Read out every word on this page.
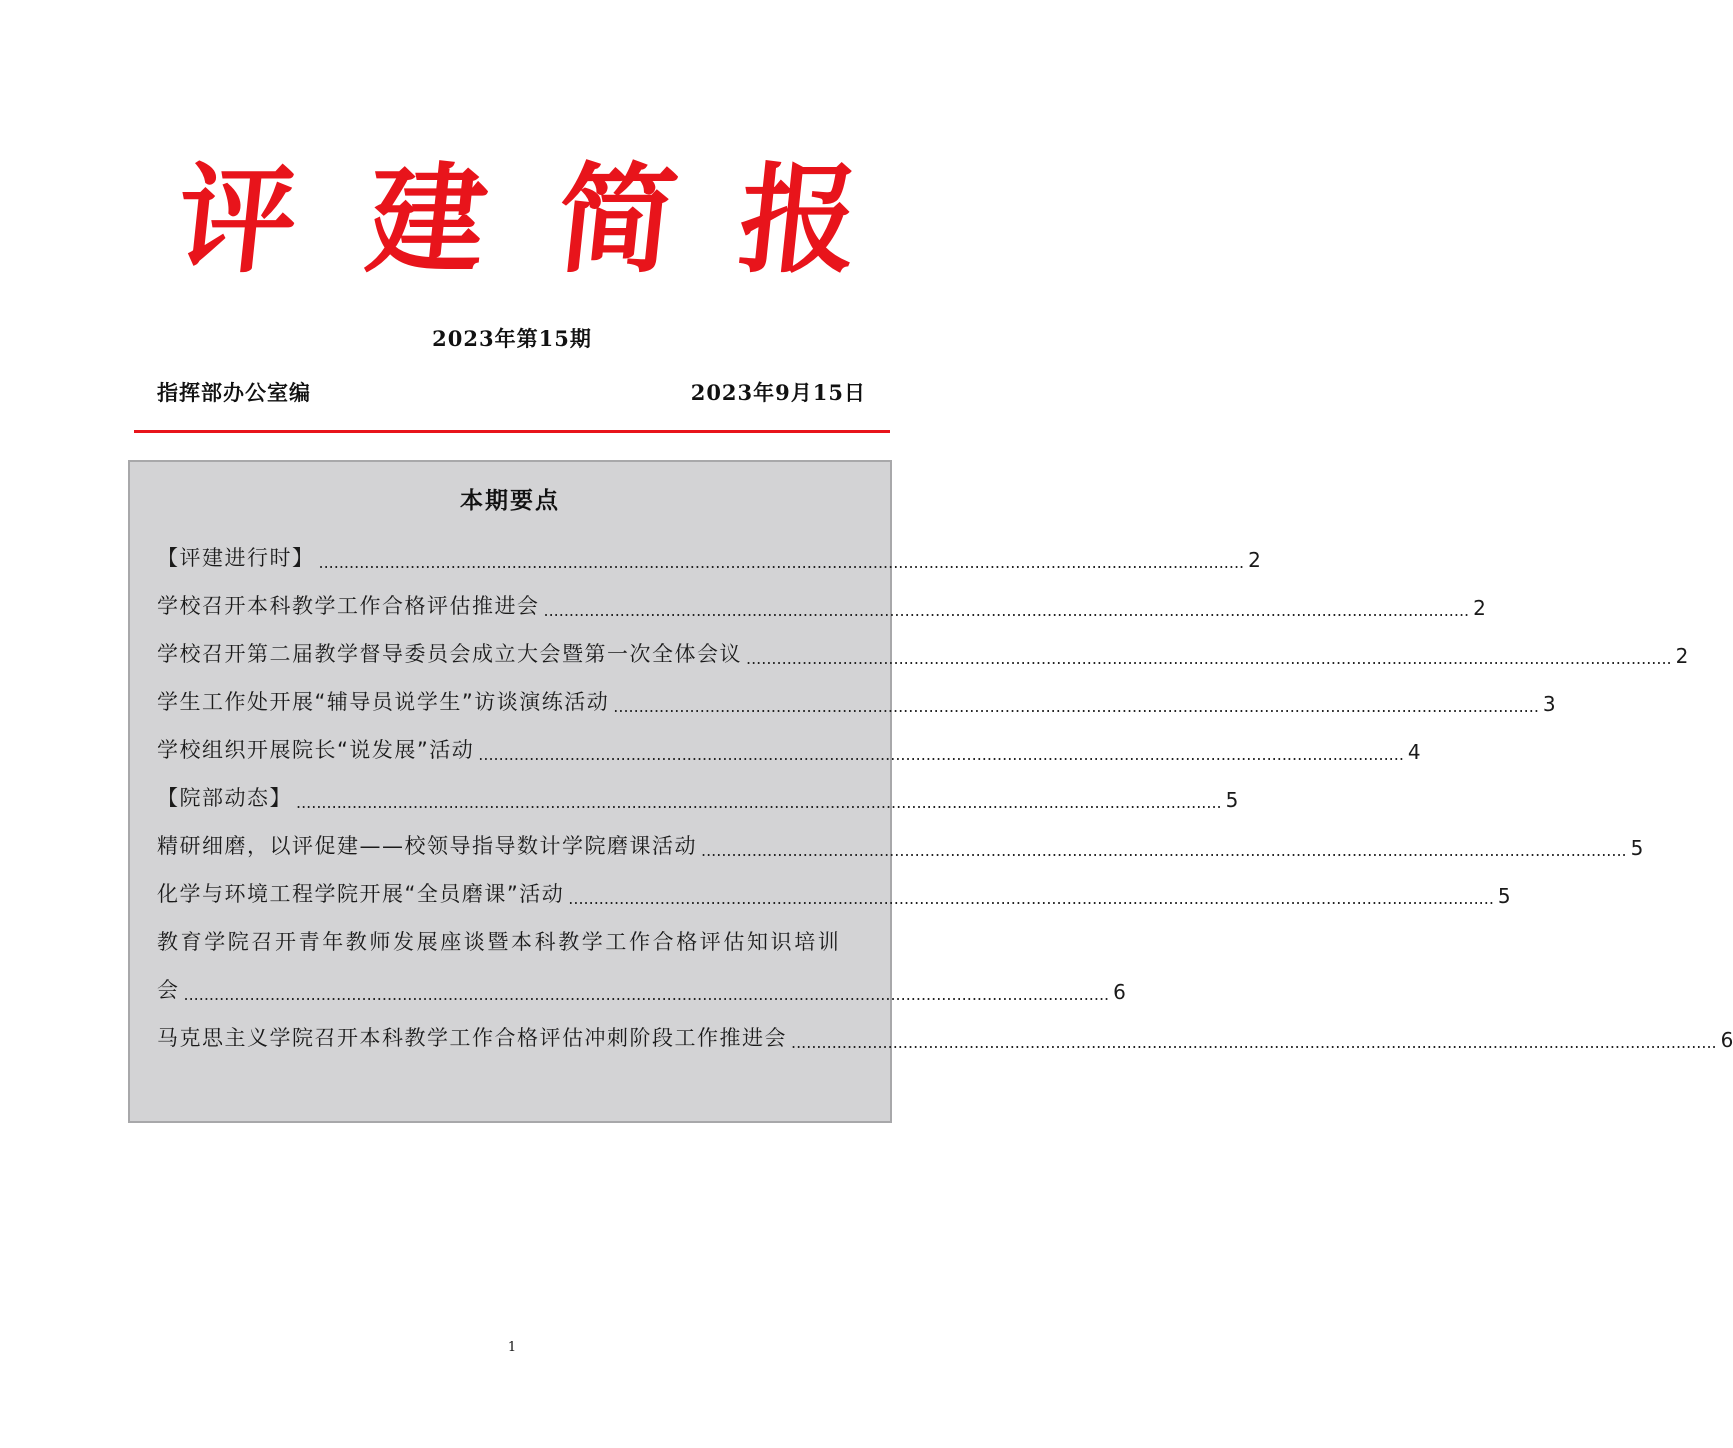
评 建 简 报
2023年第15期
指挥部办公室编	2023年9月15日
本期要点
【评建进行时】 ...................................................................................................................................................................................... 2
学校召开本科教学工作合格评估推进会 ...................................................................................................................................................................................... 2
学校召开第二届教学督导委员会成立大会暨第一次全体会议 ...................................................................................................................................................................................... 2
学生工作处开展“辅导员说学生”访谈演练活动 ...................................................................................................................................................................................... 3
学校组织开展院长“说发展”活动 ...................................................................................................................................................................................... 4
【院部动态】 ...................................................................................................................................................................................... 5
精研细磨，以评促建——校领导指导数计学院磨课活动 ...................................................................................................................................................................................... 5
化学与环境工程学院开展“全员磨课”活动 ...................................................................................................................................................................................... 5
教育学院召开青年教师发展座谈暨本科教学工作合格评估知识培训
会 ...................................................................................................................................................................................... 6
马克思主义学院召开本科教学工作合格评估冲刺阶段工作推进会 ...................................................................................................................................................................................... 6
1
